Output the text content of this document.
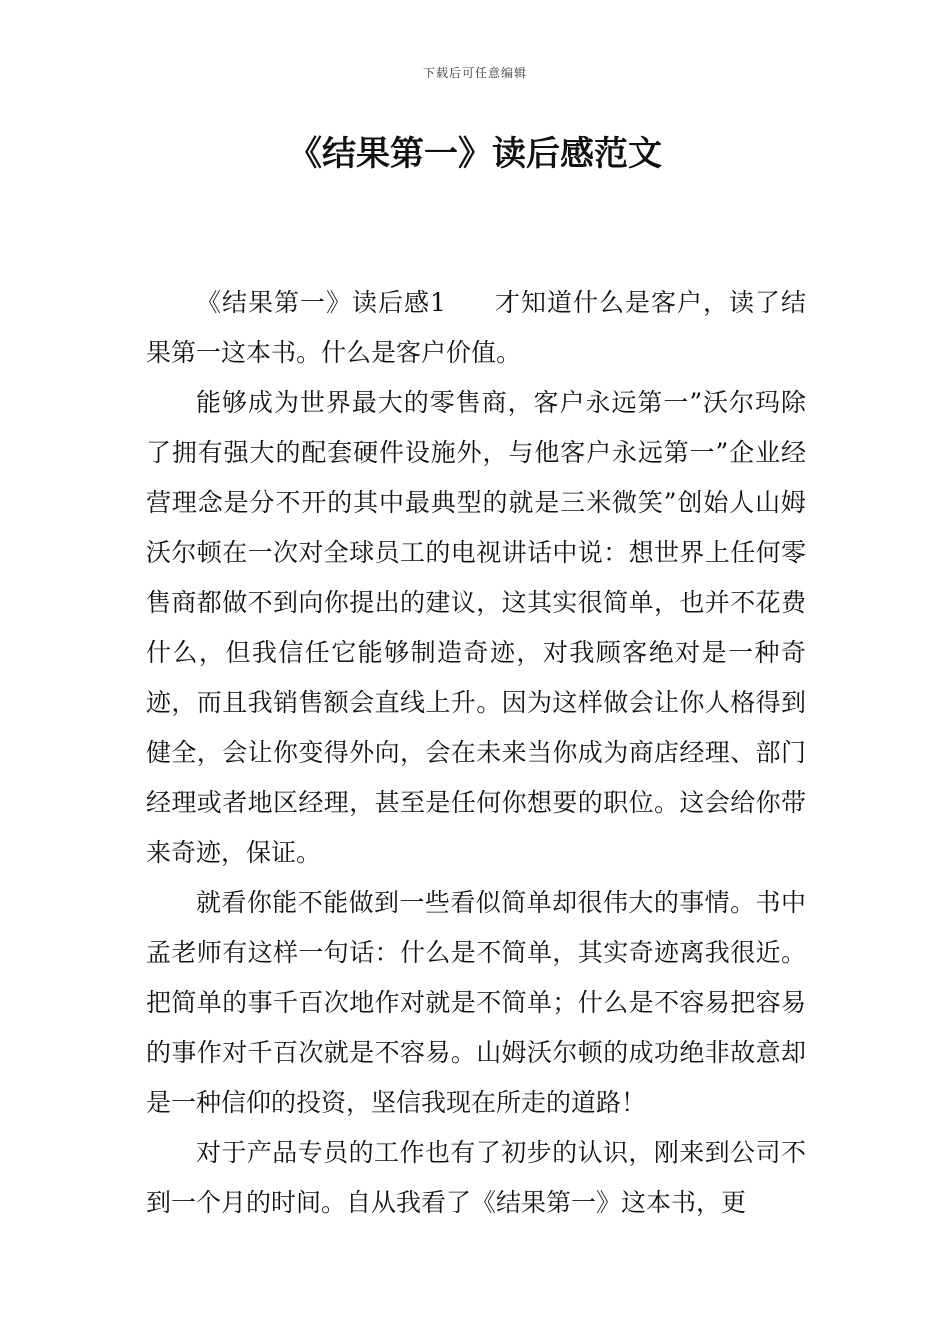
下载后可任意编辑
《结果第一》读后感范文

《结果第一》读后感1 才知道什么是客户，读了结果第一这本书。什么是客户价值。

能够成为世界最大的零售商，客户永远第一”沃尔玛除了拥有强大的配套硬件设施外，与他客户永远第一”企业经营理念是分不开的其中最典型的就是三米微笑”创始人山姆沃尔顿在一次对全球员工的电视讲话中说：想世界上任何零售商都做不到向你提出的建议，这其实很简单，也并不花费什么，但我信任它能够制造奇迹，对我顾客绝对是一种奇迹，而且我销售额会直线上升。因为这样做会让你人格得到健全，会让你变得外向，会在未来当你成为商店经理、部门经理或者地区经理，甚至是任何你想要的职位。这会给你带来奇迹，保证。

就看你能不能做到一些看似简单却很伟大的事情。书中孟老师有这样一句话：什么是不简单，其实奇迹离我很近。把简单的事千百次地作对就是不简单；什么是不容易把容易的事作对千百次就是不容易。山姆沃尔顿的成功绝非故意却是一种信仰的投资，坚信我现在所走的道路！

对于产品专员的工作也有了初步的认识，刚来到公司不到一个月的时间。自从我看了《结果第一》这本书，更
